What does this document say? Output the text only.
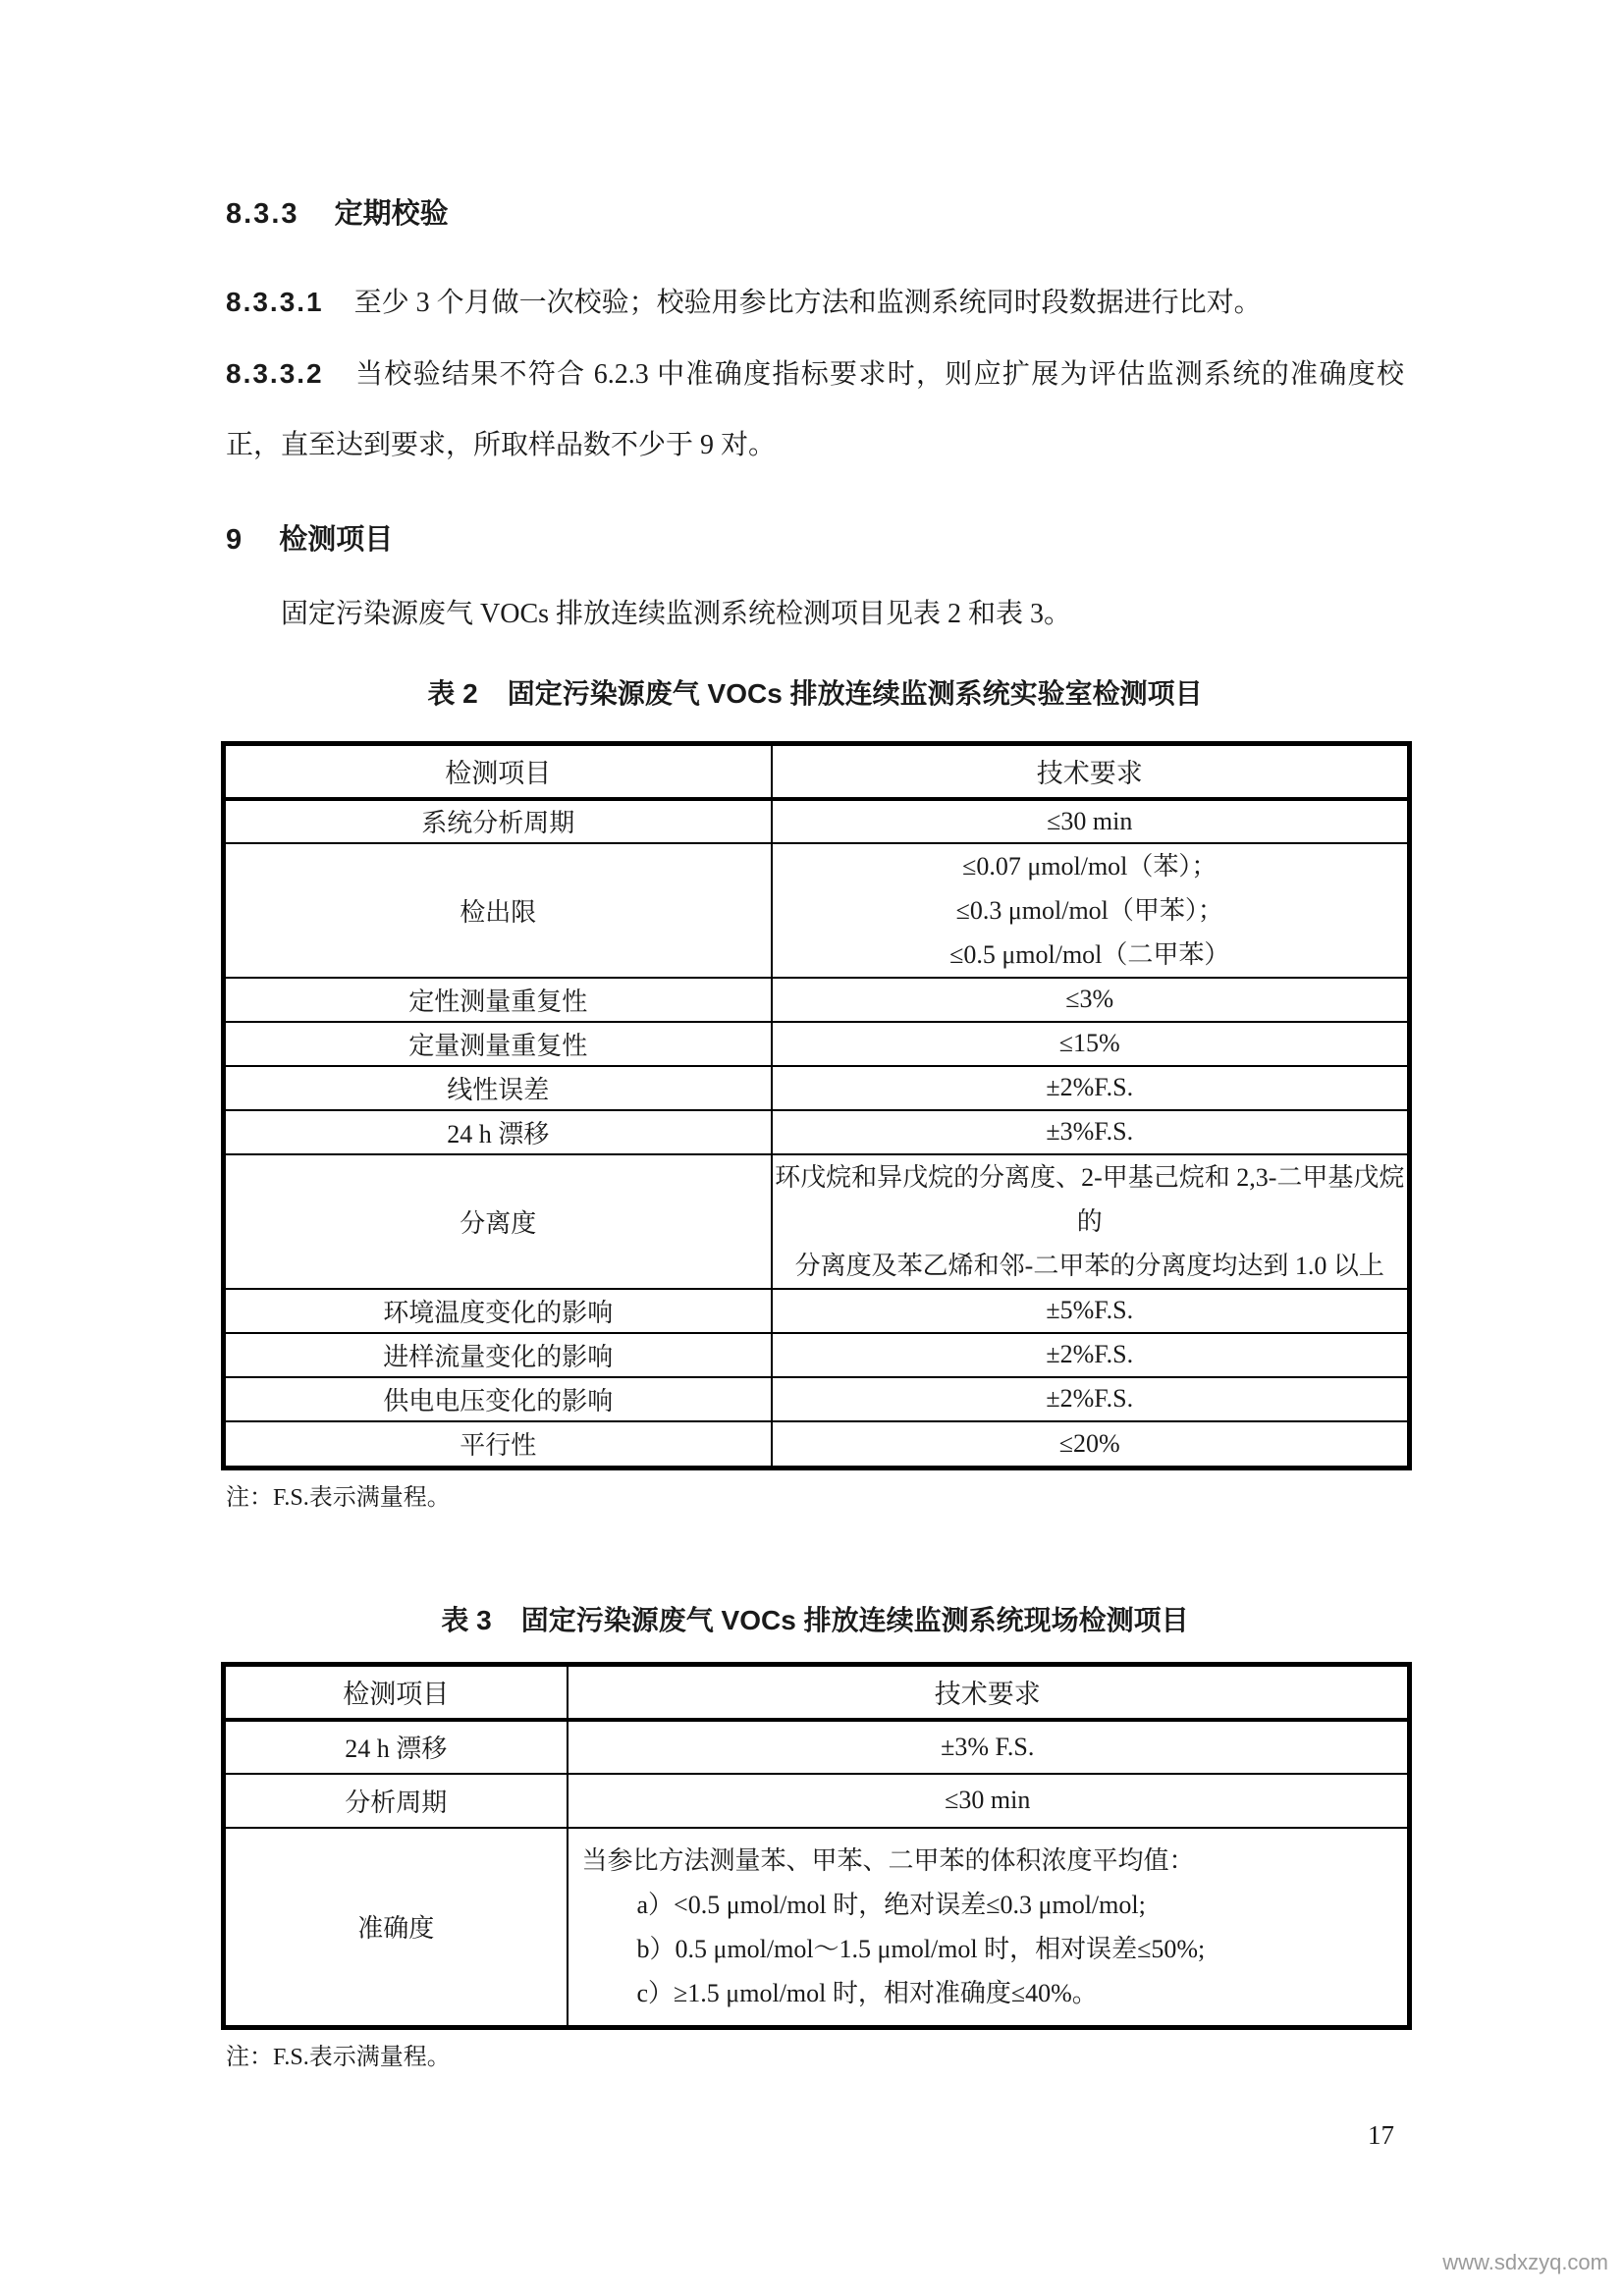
8.3.3 定期校验

8.3.3.1 至少 3 个月做一次校验；校验用参比方法和监测系统同时段数据进行比对。

8.3.3.2 当校验结果不符合 6.2.3 中准确度指标要求时，则应扩展为评估监测系统的准确度校正，直至达到要求，所取样品数不少于 9 对。

9 检测项目

固定污染源废气 VOCs 排放连续监测系统检测项目见表 2 和表 3。

表 2 固定污染源废气 VOCs 排放连续监测系统实验室检测项目
检测项目	技术要求
系统分析周期	≤30 min
检出限	≤0.07 μmol/mol（苯）；
≤0.3 μmol/mol（甲苯）；
≤0.5 μmol/mol（二甲苯）

定性测量重复性	≤3%
定量测量重复性	≤15%
线性误差	±2%F.S.
24 h 漂移	±3%F.S.
分离度	环戊烷和异戊烷的分离度、2-甲基己烷和 2,3-二甲基戊烷的
分离度及苯乙烯和邻-二甲苯的分离度均达到 1.0 以上

环境温度变化的影响	±5%F.S.
进样流量变化的影响	±2%F.S.
供电电压变化的影响	±2%F.S.
平行性	≤20%

注：F.S.表示满量程。

表 3 固定污染源废气 VOCs 排放连续监测系统现场检测项目
检测项目	技术要求
24 h 漂移	±3% F.S.
分析周期	≤30 min
准确度	当参比方法测量苯、甲苯、二甲苯的体积浓度平均值：
a）<0.5 μmol/mol 时，绝对误差≤0.3 μmol/mol;
b）0.5 μmol/mol～1.5 μmol/mol 时，相对误差≤50%;
c）≥1.5 μmol/mol 时，相对准确度≤40%。

注：F.S.表示满量程。

17
www.sdxzyq.com
